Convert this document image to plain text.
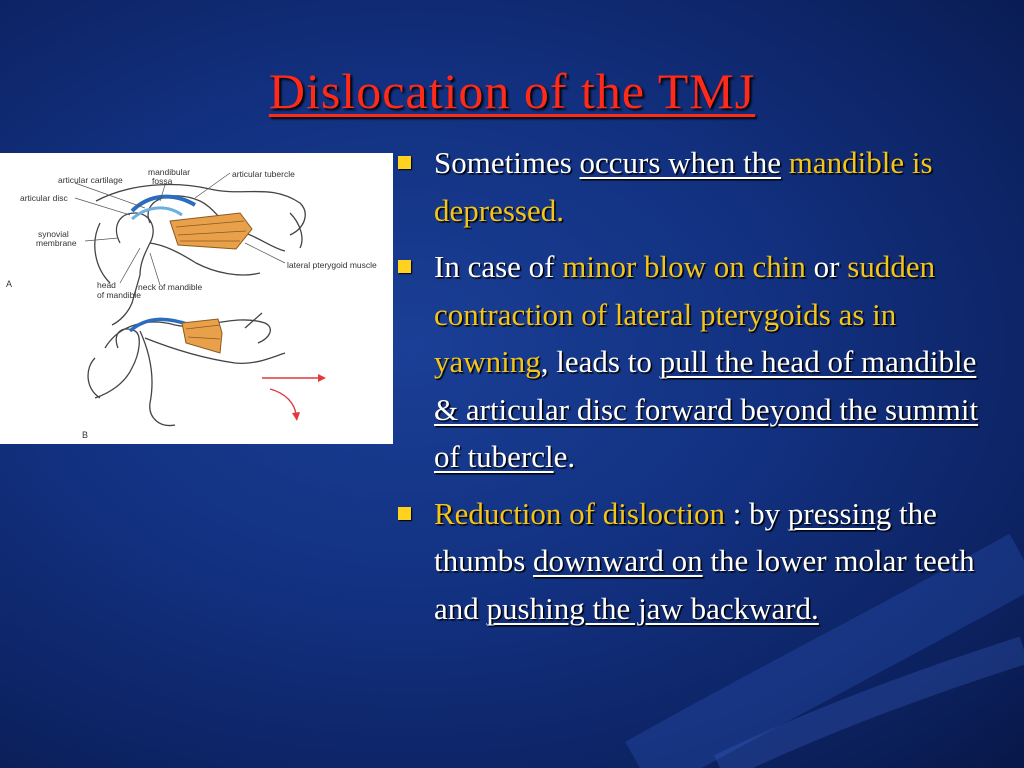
Dislocation of the TMJ
articular cartilage
mandibular
fossa
articular tubercle
articular disc
synovial
membrane
lateral pterygoid muscle
A	head
of mandible
neck of mandible
B
Sometimes occurs when the mandible is depressed.
In case of minor blow on chin or sudden contraction of lateral pterygoids as in yawning, leads to pull the head of mandible & articular disc forward beyond the summit of tubercle.
Reduction of disloction : by pressing the thumbs downward on the lower molar teeth and pushing the jaw backward.
